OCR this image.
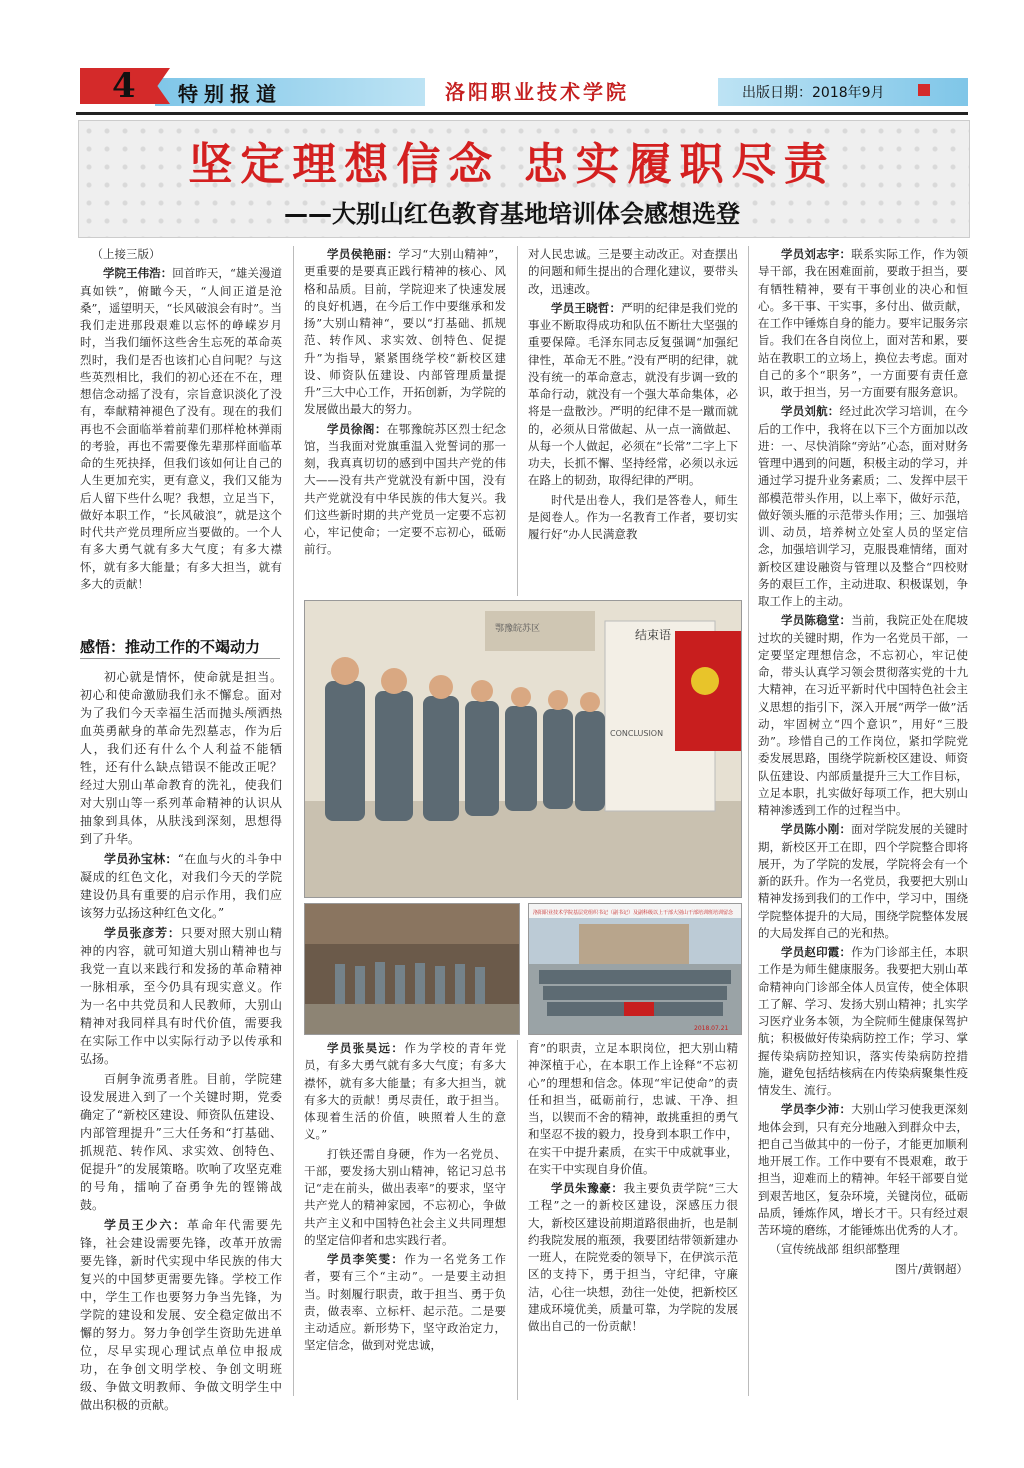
4 特别报道	洛阳职业技术学院	出版日期：2018年9月
坚定理想信念 忠实履职尽责
——大别山红色教育基地培训体会感想选登

（上接三版）

学院王伟浩：回首昨天，“雄关漫道真如铁”，俯瞰今天，“人间正道是沧桑”，遥望明天，“长风破浪会有时”。当我们走进那段艰难以忘怀的峥嵘岁月时，当我们缅怀这些舍生忘死的革命英烈时，我们是否也该扪心自问呢？与这些英烈相比，我们的初心还在不在，理想信念动摇了没有，宗旨意识淡化了没有，奉献精神褪色了没有。现在的我们再也不会面临举着前辈们那样枪林弹雨的考验，再也不需要像先辈那样面临革命的生死抉择，但我们该如何让自己的人生更加充实，更有意义，我们又能为后人留下些什么呢？我想，立足当下，做好本职工作，“长风破浪”，就是这个时代共产党员理所应当要做的。一个人有多大勇气就有多大气度；有多大襟怀，就有多大能量；有多大担当，就有多大的贡献！

感悟：推动工作的不竭动力

初心就是情怀，使命就是担当。初心和使命激励我们永不懈怠。面对为了我们今天幸福生活而抛头颅洒热血英勇献身的革命先烈墓志，作为后人，我们还有什么个人利益不能牺牲，还有什么缺点错误不能改正呢？经过大别山革命教育的洗礼，使我们对大别山等一系列革命精神的认识从抽象到具体，从肤浅到深刻，思想得到了升华。

学员孙宝林：“在血与火的斗争中凝成的红色文化，对我们今天的学院建设仍具有重要的启示作用，我们应该努力弘扬这种红色文化。”

学员张彦芳：只要对照大别山精神的内容，就可知道大别山精神也与我党一直以来践行和发扬的革命精神一脉相承，至今仍具有现实意义。作为一名中共党员和人民教师，大别山精神对我同样具有时代价值，需要我在实际工作中以实际行动予以传承和弘扬。

百舸争流勇者胜。目前，学院建设发展进入到了一个关键时期，党委确定了“新校区建设、师资队伍建设、内部管理提升”三大任务和“打基础、抓规范、转作风、求实效、创特色、促提升”的发展策略。吹响了攻坚克难的号角，擂响了奋勇争先的铿锵战鼓。

学员王少六：革命年代需要先锋，社会建设需要先锋，改革开放需要先锋，新时代实现中华民族的伟大复兴的中国梦更需要先锋。学校工作中，学生工作也要努力争当先锋，为学院的建设和发展、安全稳定做出不懈的努力。努力争创学生资助先进单位，尽早实现心理试点单位申报成功，在争创文明学校、争创文明班级、争做文明教师、争做文明学生中做出积极的贡献。

学员侯艳丽：学习“大别山精神”，更重要的是要真正践行精神的核心、风格和品质。目前，学院迎来了快速发展的良好机遇，在今后工作中要继承和发扬”大别山精神“，要以“打基础、抓规范、转作风、求实效、创特色、促提升”为指导，紧紧围绕学校“新校区建设、师资队伍建设、内部管理质量提升”三大中心工作，开拓创新，为学院的发展做出最大的努力。

学员徐阁：在鄂豫皖苏区烈士纪念馆，当我面对党旗重温入党誓词的那一刻，我真真切切的感到中国共产党的伟大——没有共产党就没有新中国，没有共产党就没有中华民族的伟大复兴。我们这些新时期的共产党员一定要不忘初心，牢记使命；一定要不忘初心，砥砺前行。

对人民忠诚。三是要主动改正。对查摆出的问题和师生提出的合理化建议，要带头改，迅速改。

学员王晓哲：严明的纪律是我们党的事业不断取得成功和队伍不断壮大坚强的重要保障。毛泽东同志反复强调“加强纪律性，革命无不胜。”没有严明的纪律，就没有统一的革命意志，就没有步调一致的革命行动，就没有一个强大革命集体，必将是一盘散沙。严明的纪律不是一蹴而就的，必须从日常做起、从一点一滴做起、从每一个人做起，必须在“长常”二字上下功夫，长抓不懈、坚持经常，必须以永远在路上的韧劲，取得纪律的严明。

时代是出卷人，我们是答卷人，师生是阅卷人。作为一名教育工作者，要切实履行好“办人民满意教

学员刘志宇：联系实际工作，作为领导干部，我在困难面前，要敢于担当，要有牺牲精神，要有干事创业的决心和恒心。多干事、干实事，多付出、做贡献，在工作中锤炼自身的能力。要牢记服务宗旨。我们在各自岗位上，面对苦和累，要站在教职工的立场上，换位去考虑。面对自己的多个“职务”，一方面要有责任意识，敢于担当，另一方面要有服务意识。

学员刘航：经过此次学习培训，在今后的工作中，我将在以下三个方面加以改进：一、尽快消除“旁站”心态，面对财务管理中遇到的问题，积极主动的学习，并通过学习提升业务素质；二、发挥中层干部模范带头作用，以上率下，做好示范，做好领头雁的示范带头作用；三、加强培训、动员，培养树立处室人员的坚定信念，加强培训学习，克服畏难情绪，面对新校区建设融资与管理以及整合“四校财务的艰巨工作，主动进取、积极谋划，争取工作上的主动。

学员陈稳堂：当前，我院正处在爬坡过坎的关键时期，作为一名党员干部，一定要坚定理想信念，不忘初心，牢记使命，带头认真学习领会贯彻落实党的十九大精神，在习近平新时代中国特色社会主义思想的指引下，深入开展“两学一做”活动，牢固树立“四个意识”，用好“三股劲”。珍惜自己的工作岗位，紧扣学院党委发展思路，围绕学院新校区建设、师资队伍建设、内部质量提升三大工作目标，立足本职，扎实做好每项工作，把大别山精神渗透到工作的过程当中。

学员陈小刚：面对学院发展的关键时期，新校区开工在即，四个学院整合即将展开，为了学院的发展，学院将会有一个新的跃升。作为一名党员，我要把大别山精神发扬到我们的工作中，学习中，围绕学院整体提升的大局，围绕学院整体发展的大局发挥自己的光和热。

学员赵印霞：作为门诊部主任，本职工作是为师生健康服务。我要把大别山革命精神向门诊部全体人员宣传，使全体职工了解、学习、发扬大别山精神；扎实学习医疗业务本领，为全院师生健康保驾护航；积极做好传染病防控工作；学习、掌握传染病防控知识，落实传染病防控措施，避免包括结核病在内传染病聚集性疫情发生、流行。

学员李少沛：大别山学习使我更深刻地体会到，只有充分地融入到群众中去，把自己当做其中的一份子，才能更加顺利地开展工作。工作中要有不畏艰难，敢于担当，迎难而上的精神。年轻干部要自觉到艰苦地区，复杂环境，关键岗位，砥砺品质，锤炼作风，增长才干。只有经过艰苦环境的磨练，才能锤炼出优秀的人才。

（宣传统战部 组织部整理

图片/黄钢超）

结束语
CONCLUSION
鄂豫皖苏区
洛阳职业技术学院基层党组织书记（副书记）及副科级以上干部大别山干部培训班培训留念
2018.07.21

学员张昊远：作为学校的青年党员，有多大勇气就有多大气度；有多大襟怀，就有多大能量；有多大担当，就有多大的贡献！勇尽责任，敢于担当。体现着生活的价值，映照着人生的意义。”

打铁还需自身硬，作为一名党员、干部，要发扬大别山精神，铭记习总书记“走在前头，做出表率”的要求，坚守共产党人的精神家园，不忘初心，争做共产主义和中国特色社会主义共同理想的坚定信仰者和忠实践行者。

学员李笑雯：作为一名党务工作者，要有三个“主动”。一是要主动担当。时刻履行职责，敢于担当、勇于负责，做表率、立标杆、起示范。二是要主动适应。新形势下，坚守政治定力，坚定信念，做到对党忠诚，

育”的职责，立足本职岗位，把大别山精神深植于心，在本职工作上诠释“不忘初心”的理想和信念。体现“牢记使命”的责任和担当，砥砺前行，忠诚、干净、担当，以锲而不舍的精神，敢挑重担的勇气和坚忍不拔的毅力，投身到本职工作中，在实干中提升素质，在实干中成就事业，在实干中实现自身价值。

学员朱豫豪：我主要负责学院“三大工程”之一的新校区建设，深感压力很大，新校区建设前期道路很曲折，也是制约我院发展的瓶颈，我要团结带领新建办一班人，在院党委的领导下，在伊滨示范区的支持下，勇于担当，守纪律，守廉洁，心往一块想，劲往一处使，把新校区建成环境优美，质量可靠，为学院的发展做出自己的一份贡献！
